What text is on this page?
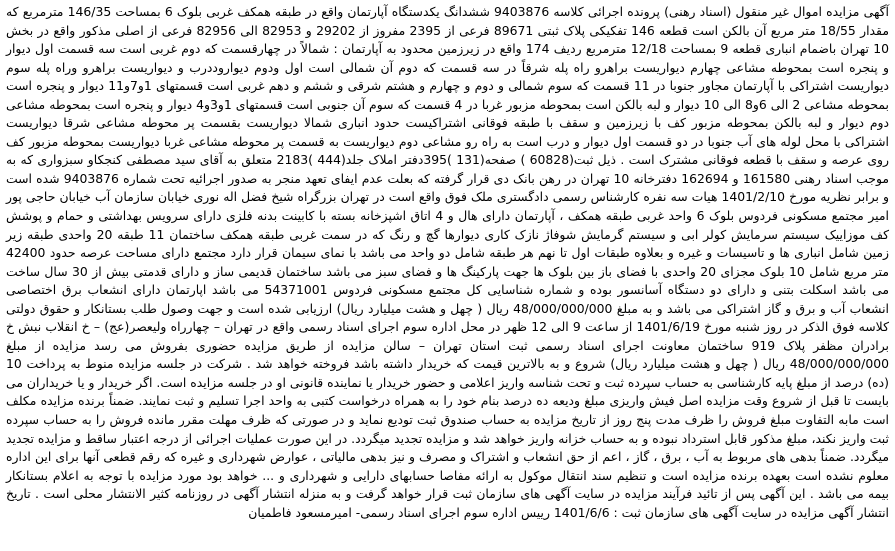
آگهی مزایده اموال غیر منقول (اسناد رهنی) پرونده اجرائی کلاسه 9403876 ششدانگ یکدستگاه آپارتمان واقع در طبقه همکف غربی بلوک 6 بمساحت 146/35 مترمربع که مقدار 18/55 متر مربع آن بالکن است قطعه 146 تفکیکی پلاک ثبتی 89671 فرعی از 2395 مفروز از 29202 و 82953 الی 82956 فرعی از اصلی مذکور واقع در بخش 10 تهران باضمام انباری قطعه 9 بمساحت 12/18 مترمربع ردیف 174 واقع در زیرزمین محدود به آپارتمان : شمالاً در چهارقسمت که دوم غربی است سه قسمت اول دیوار و پنجره است بمحوطه مشاعی چهارم دیواریست براهرو راه پله شرقاً در سه قسمت که دوم آن شمالی است اول ودوم دیواروددرب و دیواریست براهرو وراه پله سوم دیواریست اشتراکی با آپارتمان مجاور جنوبا در 11 قسمت که سوم شمالی و دوم و چهارم و هشتم شرقی و ششم و دهم غربی است قسمتهای 1و7و11 دیوار و پنجره است بمحوطه مشاعی 2 الی 6و8 الی 10 دیوار و لبه بالکن است بمحوطه مزبور غربا در 4 قسمت که سوم آن جنوبی است قسمتهای 1و3و4 دیوار و پنجره است بمحوطه مشاعی دوم دیوار و لبه بالکن بمحوطه مزبور کف با زیرزمین و سقف با طبقه فوقانی اشتراکیست حدود انباری شمالا دیواریست بقسمت پر محوطه مشاعی شرقا دیواریست اشتراکی با محل لوله های آب جنوبا در دو قسمت اول دیوار و درب است به راه رو مشاعی دوم دیواریست به قسمت پر محوطه مشاعی غربا دیواریست بمحوطه مزبور کف روی عرصه و سقف با قطعه فوقانی مشترک است . ذیل ثبت(60828 ) صفحه(131 )395دفتر املاک جلد(444 )2183 متعلق به آقای سید مصطفی کنجکاو سبزواری که به موجب اسناد رهنی 161580 و 162694 دفترخانه 10 تهران در رهن بانک دی قرار گرفته که بعلت عدم ایفای تعهد منجر به صدور اجرائیه تحت شماره 9403876 شده است و برابر نظریه مورخ 1401/2/10 هیات سه نفره کارشناس رسمی دادگستری ملک فوق واقع است در تهران بزرگراه شیخ فضل اله نوری خیابان سازمان آب خیابان حاجی پور امیر مجتمع مسکونی فردوس بلوک 6 واحد غربی طبقه همکف ، آپارتمان دارای هال و 4 اتاق اشپزخانه بسته با کابینت بدنه فلزی دارای سرویس بهداشتی و حمام و پوشش کف موزاییک سیستم سرمایش کولر ابی و سیستم گرمایش شوفاژ نازک کاری دیوارها گچ و رنگ که در سمت غربی طبقه همکف ساختمان 11 طبقه 20 واحدی طبقه زیر زمین شامل انباری ها و تاسیسات و غیره و بعلاوه طبقات اول تا نهم هر طبقه شامل دو واحد می باشد با نمای سیمان قرار دارد مجتمع دارای مساحت عرصه حدود 42400 متر مربع شامل 10 بلوک مجزای 20 واحدی با فضای باز بین بلوک ها جهت پارکینگ ها و فضای سبز می باشد ساختمان قدیمی ساز و دارای قدمتی بیش از 30 سال ساخت می باشد اسکلت بتنی و دارای دو دستگاه آسانسور بوده و شماره شناسایی کل مجتمع مسکونی فردوس 54371001 می باشد اپارتمان دارای انشعاب برق اختصاصی انشعاب آب و برق و گاز اشتراکی می باشد و به مبلغ 48/000/000/000 ریال ( چهل و هشت میلیارد ریال) ارزیابی شده است و جهت وصول طلب بستانکار و حقوق دولتی کلاسه فوق الذکر در روز شنبه مورخ 1401/6/19 از ساعت 9 الی 12 ظهر در محل اداره سوم اجرای اسناد رسمی واقع در تهران – چهارراه ولیعصر(عج) – خ انقلاب نبش خ برادران مظفر پلاک 919 ساختمان معاونت اجرای اسناد رسمی ثبت استان تهران – سالن مزایده از طریق مزایده حضوری بفروش می رسد مزایده از مبلغ 48/000/000/000 ریال ( چهل و هشت میلیارد ریال) شروع و به بالاترین قیمت که خریدار داشته باشد فروخته خواهد شد . شرکت در جلسه مزایده منوط به پرداخت 10 (ده) درصد از مبلغ پایه کارشناسی به حساب سپرده ثبت و تحت شناسه واریز اعلامی و حضور خریدار یا نماینده قانونی او در جلسه مزایده است. اگر خریدار و یا خریداران می بایست تا قبل از شروع وقت مزایده اصل فیش واریزی مبلغ ودیعه ده درصد بنام خود را به همراه درخواست کتبی به واحد اجرا تسلیم و ثبت نمایند. ضمناً برنده مزایده مکلف است مابه التفاوت مبلغ فروش را ظرف مدت پنج روز از تاریخ مزایده به حساب صندوق ثبت تودیع نماید و در صورتی که ظرف مهلت مقرر مانده فروش را به حساب سپرده ثبت واریز نکند، مبلغ مذکور قابل استرداد نبوده و به حساب خزانه واریز خواهد شد و مزایده تجدید میگردد. در این صورت عملیات اجرائی از درجه اعتبار ساقط و مزایده تجدید میگردد. ضمناً بدهی های مربوط به آب ، برق ، گاز ، اعم از حق انشعاب و اشتراک و مصرف و نیز بدهی مالیاتی ، عوارض شهرداری و غیره که رقم قطعی آنها برای این اداره معلوم نشده است بعهده برنده مزایده است و تنظیم سند انتقال موکول به ارائه مفاصا حسابهای دارایی و شهرداری و ... خواهد بود مورد مزایده با توجه به اعلام بستانکار بیمه می باشد . این آگهی پس از تائید فرآیند مزایده در سایت آگهی های سازمان ثبت قرار خواهد گرفت و به منزله انتشار آگهی در روزنامه کثیر الانتشار محلی است . تاریخ انتشار آگهی مزایده در سایت آگهی های سازمان ثبت : 1401/6/6 رییس اداره سوم اجرای اسناد رسمی- امیرمسعود فاطمیان
